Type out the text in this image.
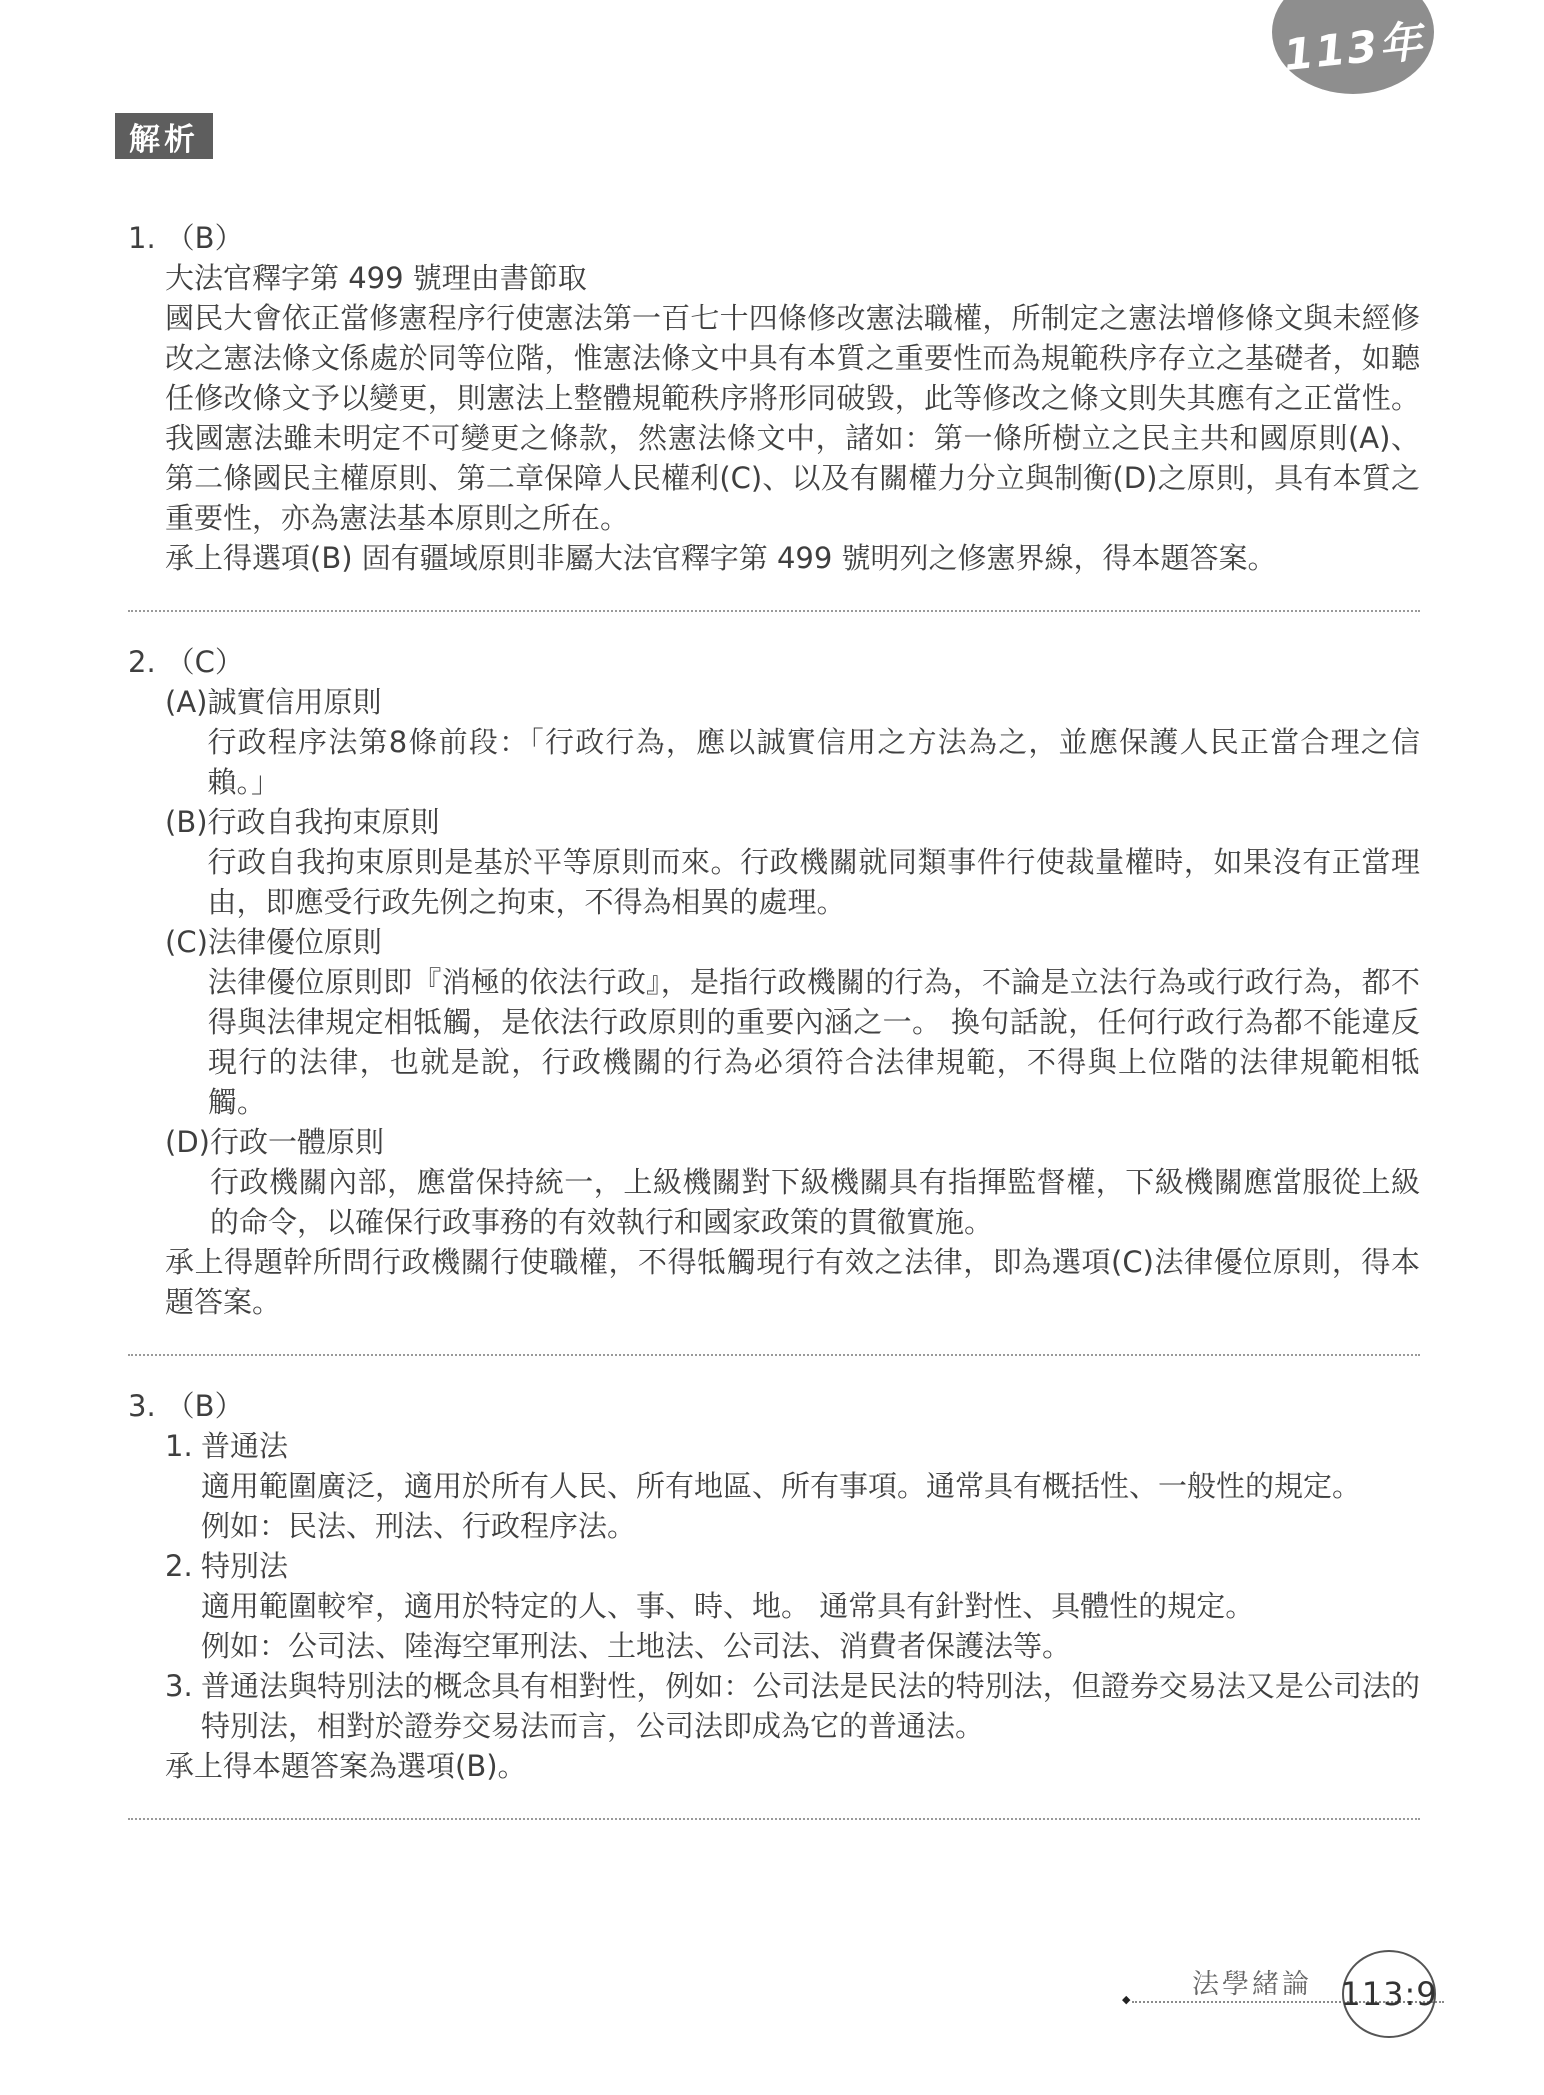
113年
解析
1. （B）

大法官釋字第 499 號理由書節取

國民大會依正當修憲程序行使憲法第一百七十四條修改憲法職權，所制定之憲法增修條文與未經修改之憲法條文係處於同等位階，惟憲法條文中具有本質之重要性而為規範秩序存立之基礎者，如聽任修改條文予以變更，則憲法上整體規範秩序將形同破毀，此等修改之條文則失其應有之正當性。我國憲法雖未明定不可變更之條款，然憲法條文中，諸如：第一條所樹立之民主共和國原則(A)、第二條國民主權原則、第二章保障人民權利(C)、以及有關權力分立與制衡(D)之原則，具有本質之重要性，亦為憲法基本原則之所在。

承上得選項(B) 固有疆域原則非屬大法官釋字第 499 號明列之修憲界線，得本題答案。

2. （C）
(A) 誠實信用原則

行政程序法第8條前段：「行政行為，應以誠實信用之方法為之，並應保護人民正當合理之信賴。」

(B) 行政自我拘束原則

行政自我拘束原則是基於平等原則而來。行政機關就同類事件行使裁量權時，如果沒有正當理由，即應受行政先例之拘束，不得為相異的處理。

(C) 法律優位原則

法律優位原則即『消極的依法行政』，是指行政機關的行為，不論是立法行為或行政行為，都不得與法律規定相牴觸，是依法行政原則的重要內涵之一。 換句話說，任何行政行為都不能違反現行的法律，也就是說，行政機關的行為必須符合法律規範，不得與上位階的法律規範相牴觸。

(D) 行政一體原則

行政機關內部，應當保持統一，上級機關對下級機關具有指揮監督權，下級機關應當服從上級的命令，以確保行政事務的有效執行和國家政策的貫徹實施。

承上得題幹所問行政機關行使職權，不得牴觸現行有效之法律，即為選項(C)法律優位原則，得本題答案。

3. （B）
1. 普通法

適用範圍廣泛，適用於所有人民、所有地區、所有事項。通常具有概括性、一般性的規定。

例如：民法、刑法、行政程序法。

2. 特別法

適用範圍較窄，適用於特定的人、事、時、地。 通常具有針對性、具體性的規定。

例如：公司法、陸海空軍刑法、土地法、公司法、消費者保護法等。

3. 普通法與特別法的概念具有相對性，例如：公司法是民法的特別法，但證券交易法又是公司法的特別法，相對於證券交易法而言，公司法即成為它的普通法。

承上得本題答案為選項(B)。

法學緒論
◆	113:9
